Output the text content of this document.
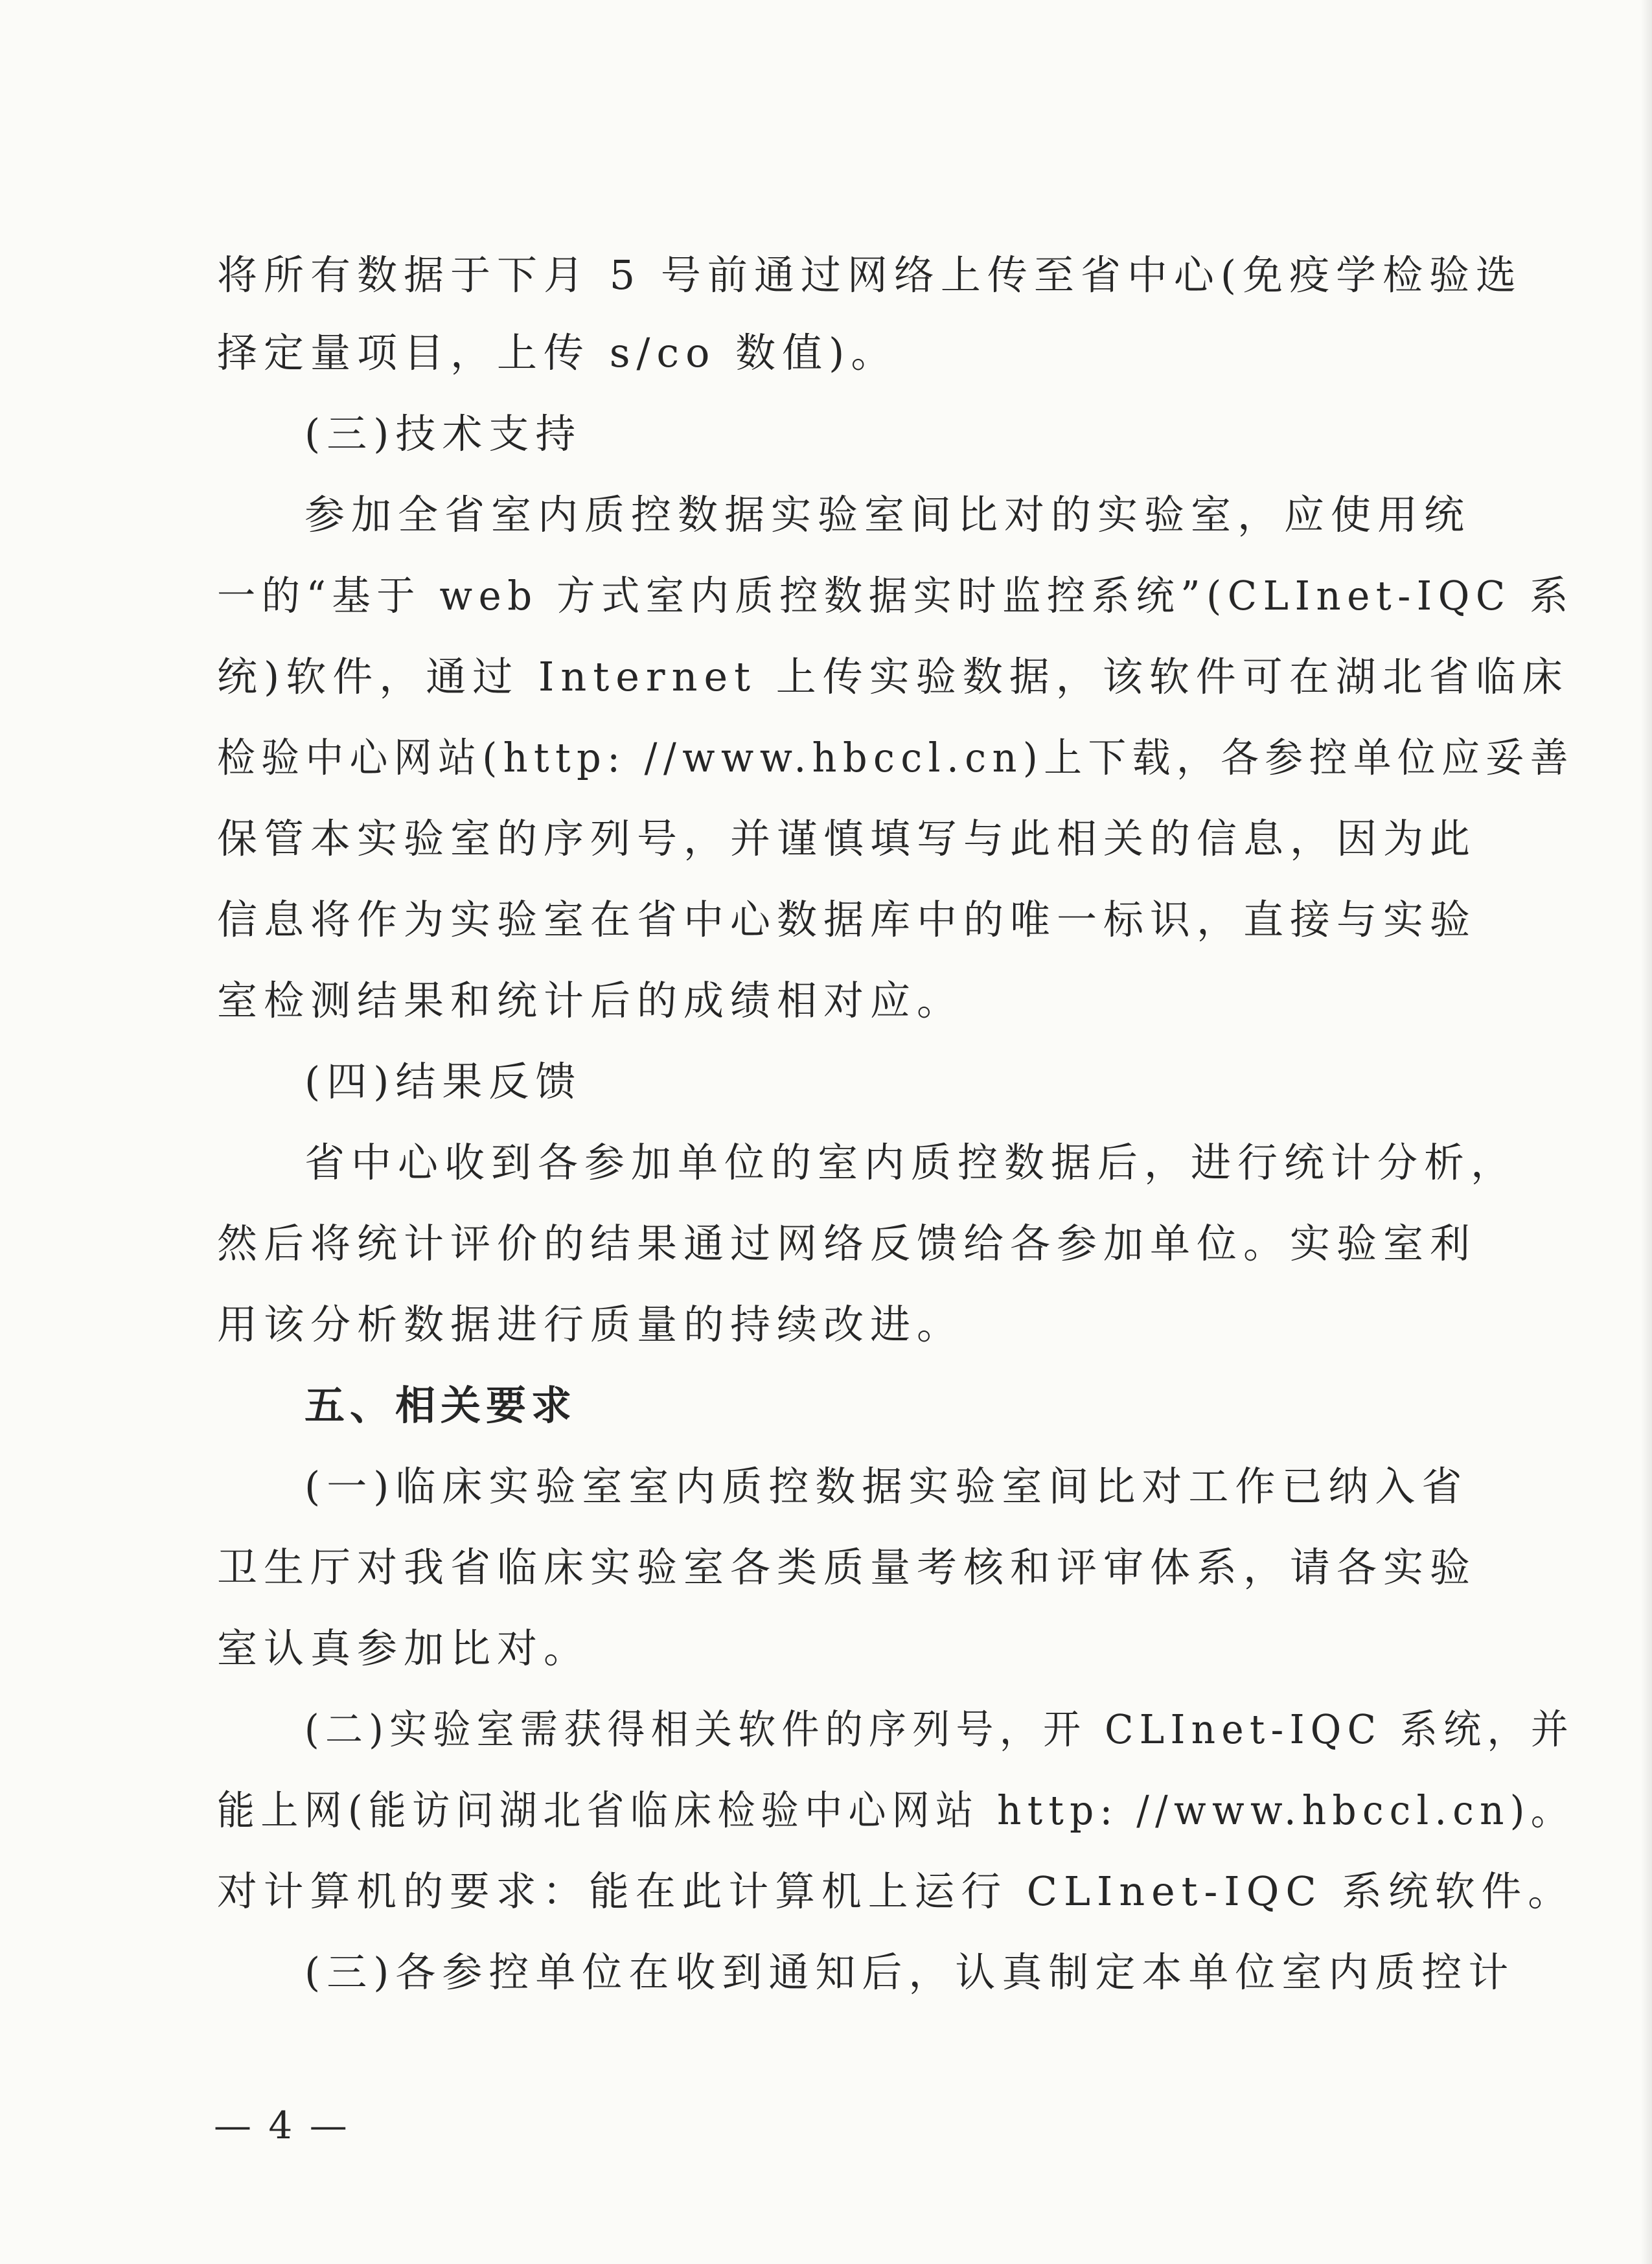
将所有数据于下月 5 号前通过网络上传至省中心(免疫学检验选
择定量项目，上传 s/co 数值)。
(三)技术支持
参加全省室内质控数据实验室间比对的实验室，应使用统
一的“基于 web 方式室内质控数据实时监控系统”(CLInet-IQC 系
统)软件，通过 Internet 上传实验数据，该软件可在湖北省临床
检验中心网站(http: //www.hbccl.cn)上下载，各参控单位应妥善
保管本实验室的序列号，并谨慎填写与此相关的信息，因为此
信息将作为实验室在省中心数据库中的唯一标识，直接与实验
室检测结果和统计后的成绩相对应。
(四)结果反馈
省中心收到各参加单位的室内质控数据后，进行统计分析，
然后将统计评价的结果通过网络反馈给各参加单位。实验室利
用该分析数据进行质量的持续改进。
五、相关要求
(一)临床实验室室内质控数据实验室间比对工作已纳入省
卫生厅对我省临床实验室各类质量考核和评审体系，请各实验
室认真参加比对。
(二)实验室需获得相关软件的序列号，开 CLInet-IQC 系统，并
能上网(能访问湖北省临床检验中心网站 http: //www.hbccl.cn)。
对计算机的要求：能在此计算机上运行 CLInet-IQC 系统软件。
(三)各参控单位在收到通知后，认真制定本单位室内质控计
— 4 —
